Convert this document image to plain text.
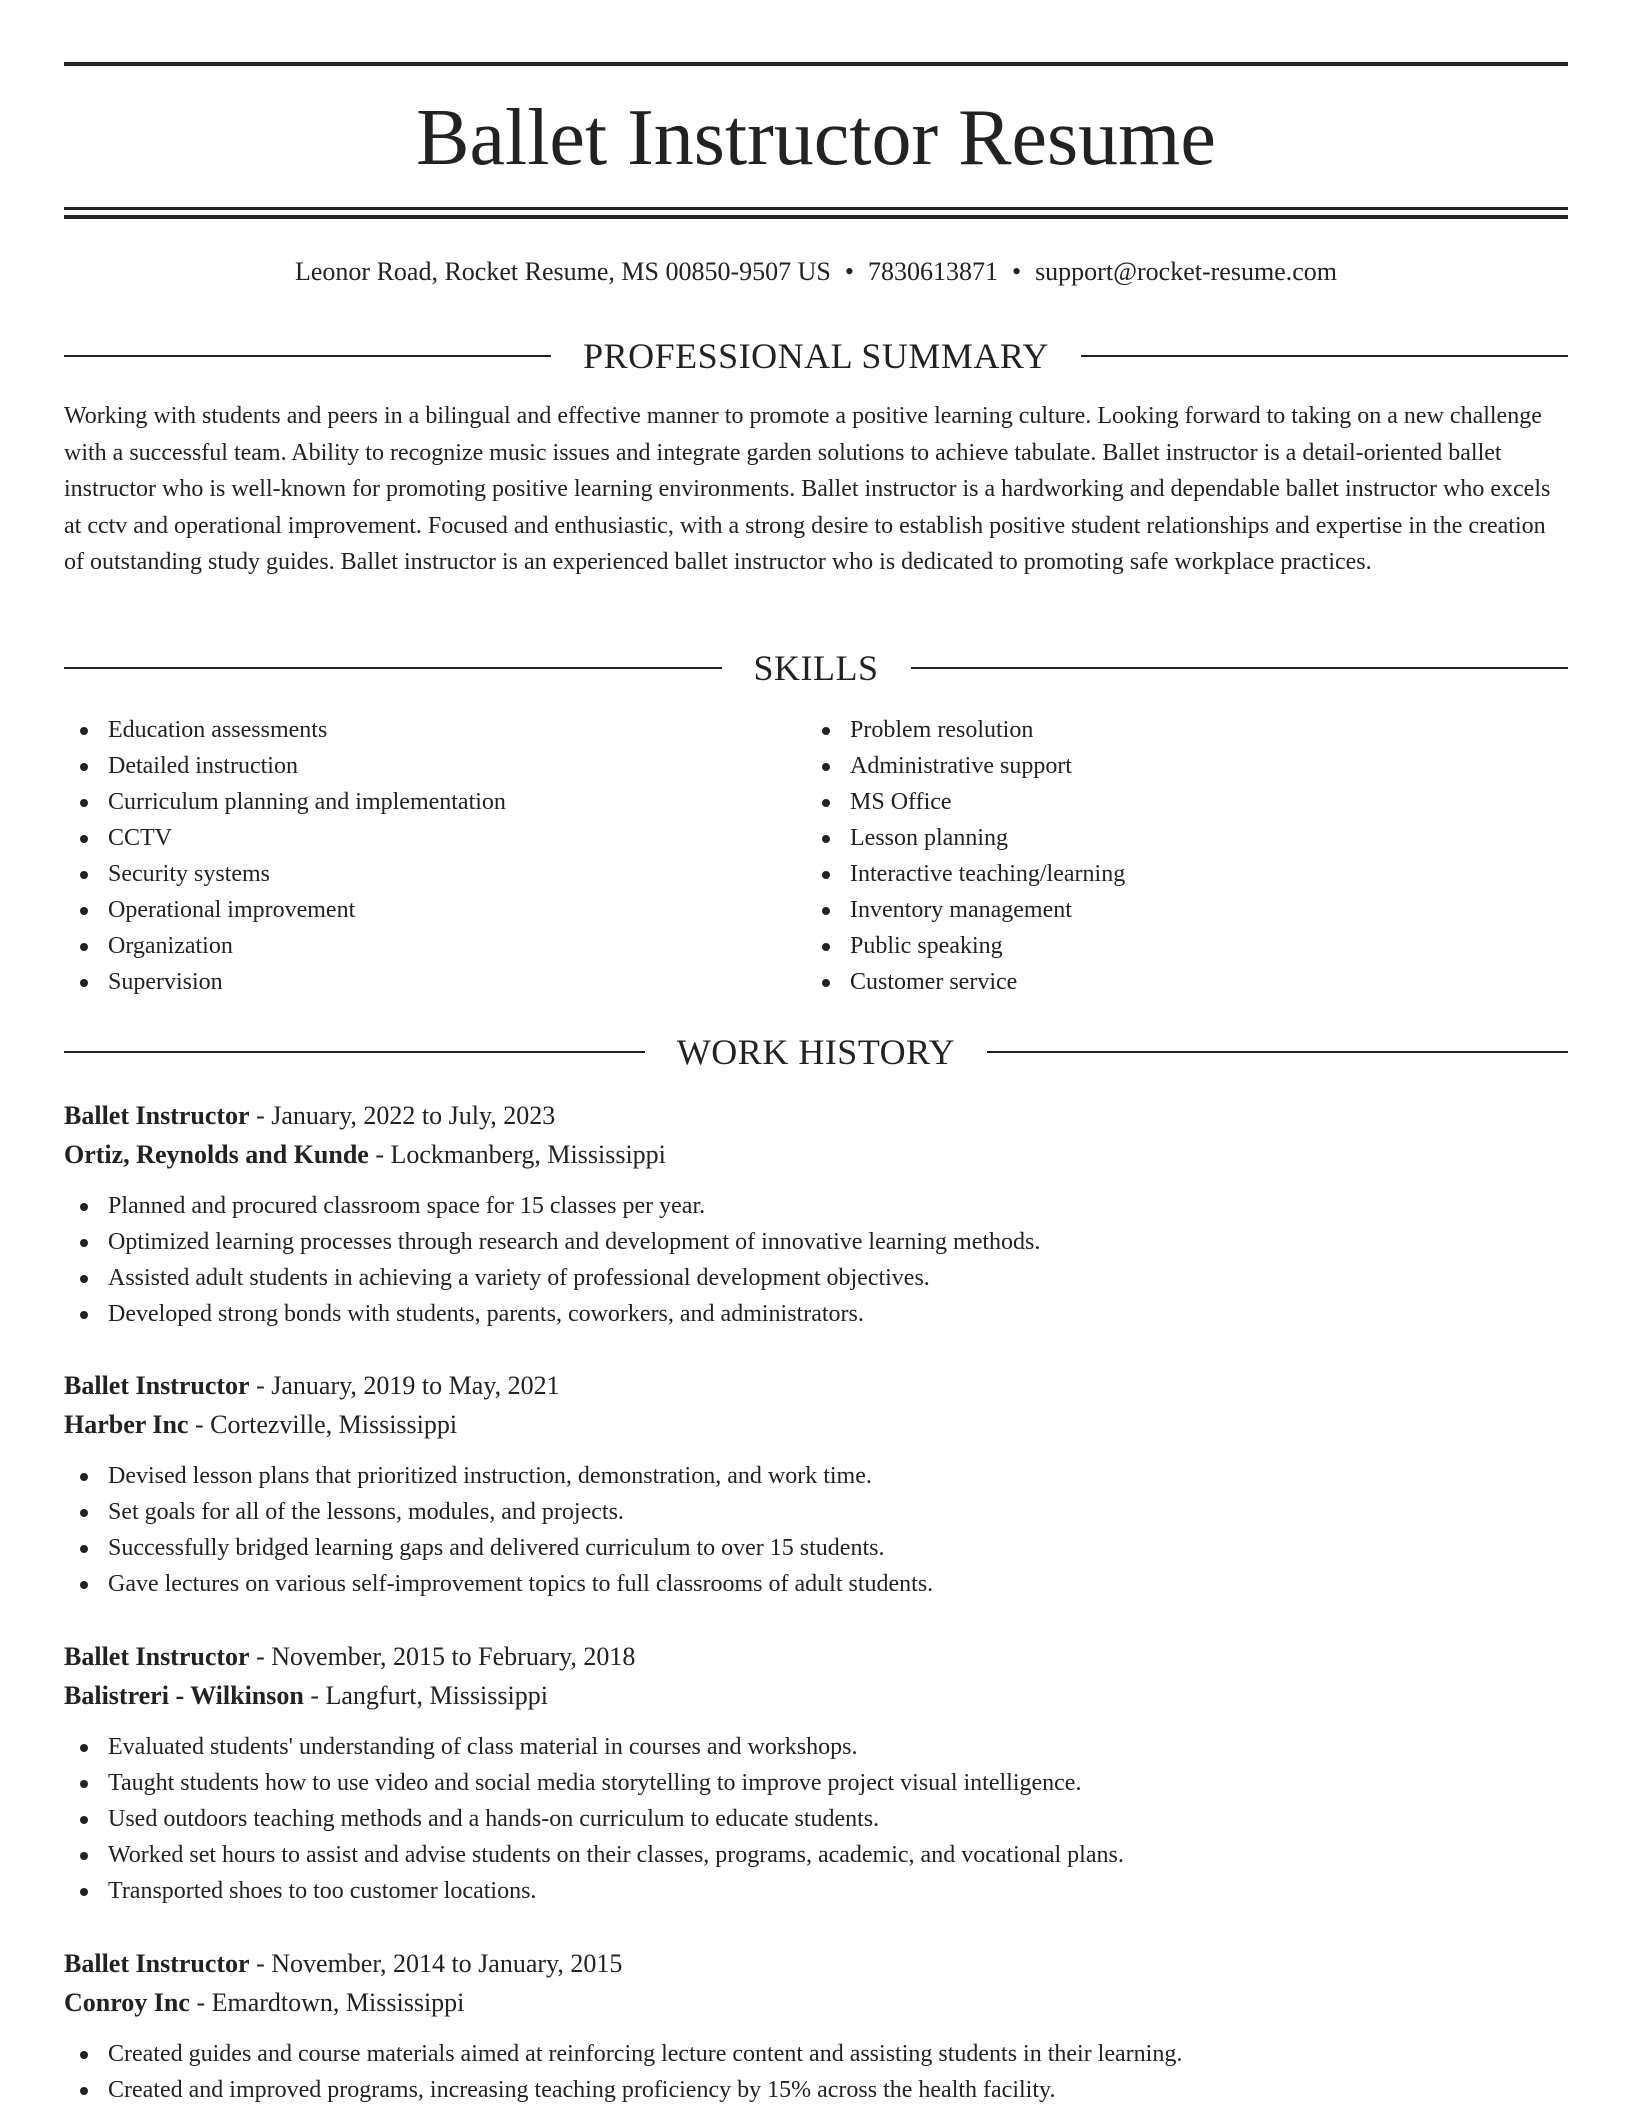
Ballet Instructor Resume
Leonor Road, Rocket Resume, MS 00850-9507 US • 7830613871 • support@rocket-resume.com
PROFESSIONAL SUMMARY

Working with students and peers in a bilingual and effective manner to promote a positive learning culture. Looking forward to taking on a new challenge with a successful team. Ability to recognize music issues and integrate garden solutions to achieve tabulate. Ballet instructor is a detail-oriented ballet instructor who is well-known for promoting positive learning environments. Ballet instructor is a hardworking and dependable ballet instructor who excels at cctv and operational improvement. Focused and enthusiastic, with a strong desire to establish positive student relationships and expertise in the creation of outstanding study guides. Ballet instructor is an experienced ballet instructor who is dedicated to promoting safe workplace practices.

SKILLS
Education assessments
Detailed instruction
Curriculum planning and implementation
CCTV
Security systems
Operational improvement
Organization
Supervision
Problem resolution
Administrative support
MS Office
Lesson planning
Interactive teaching/learning
Inventory management
Public speaking
Customer service
WORK HISTORY
Ballet Instructor - January, 2022 to July, 2023
Ortiz, Reynolds and Kunde - Lockmanberg, Mississippi
Planned and procured classroom space for 15 classes per year.
Optimized learning processes through research and development of innovative learning methods.
Assisted adult students in achieving a variety of professional development objectives.
Developed strong bonds with students, parents, coworkers, and administrators.
Ballet Instructor - January, 2019 to May, 2021
Harber Inc - Cortezville, Mississippi
Devised lesson plans that prioritized instruction, demonstration, and work time.
Set goals for all of the lessons, modules, and projects.
Successfully bridged learning gaps and delivered curriculum to over 15 students.
Gave lectures on various self-improvement topics to full classrooms of adult students.
Ballet Instructor - November, 2015 to February, 2018
Balistreri - Wilkinson - Langfurt, Mississippi
Evaluated students' understanding of class material in courses and workshops.
Taught students how to use video and social media storytelling to improve project visual intelligence.
Used outdoors teaching methods and a hands-on curriculum to educate students.
Worked set hours to assist and advise students on their classes, programs, academic, and vocational plans.
Transported shoes to too customer locations.
Ballet Instructor - November, 2014 to January, 2015
Conroy Inc - Emardtown, Mississippi
Created guides and course materials aimed at reinforcing lecture content and assisting students in their learning.
Created and improved programs, increasing teaching proficiency by 15% across the health facility.
